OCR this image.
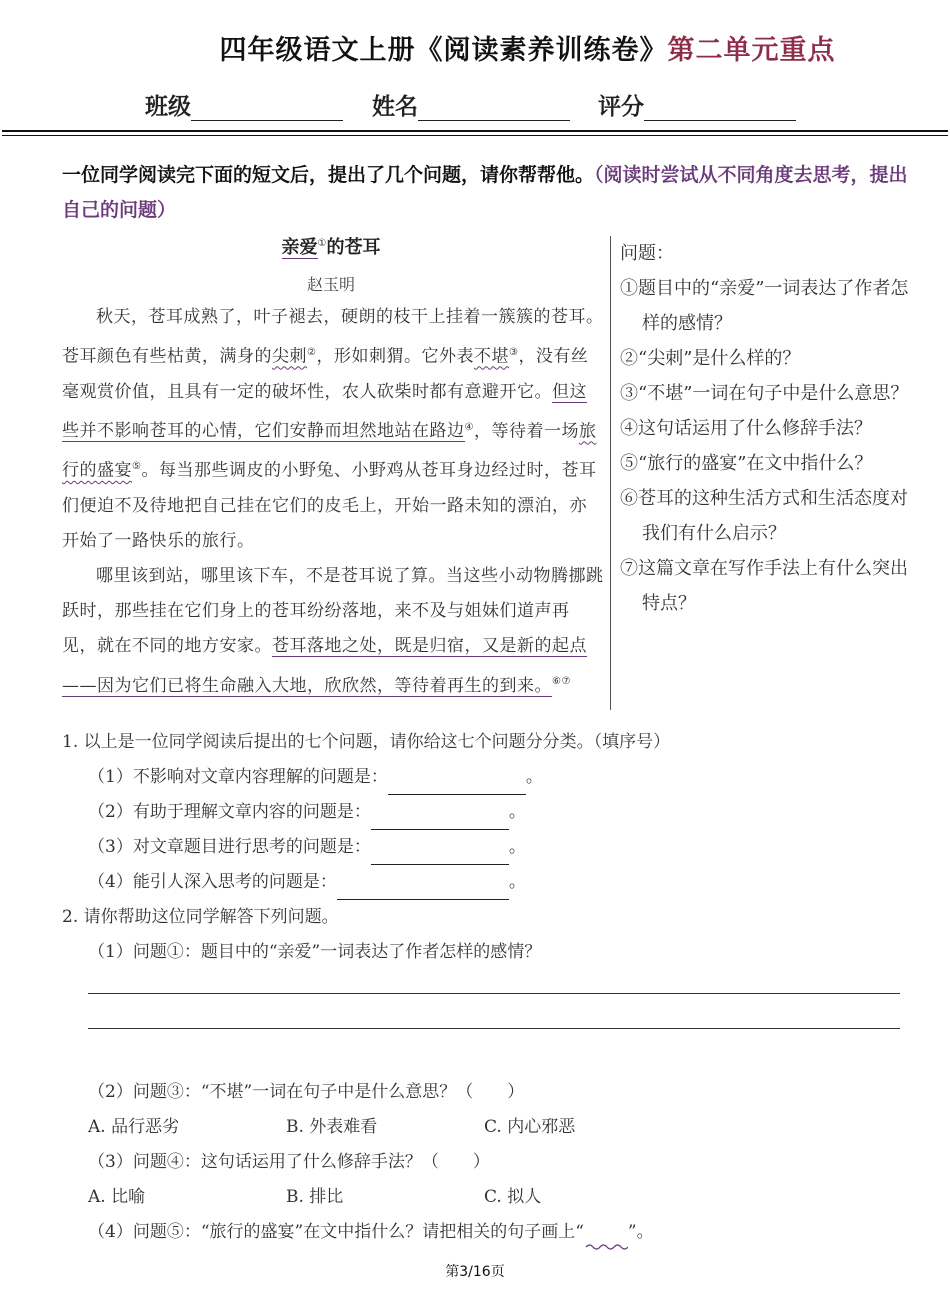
四年级语文上册《阅读素养训练卷》第二单元重点
班级	姓名	评分
一位同学阅读完下面的短文后，提出了几个问题，请你帮帮他。（阅读时尝试从不同角度去思考，提出自己的问题）
亲爱①的苍耳
赵玉明

秋天，苍耳成熟了，叶子褪去，硬朗的枝干上挂着一簇簇的苍耳。苍耳颜色有些枯黄，满身的尖刺②，形如刺猬。它外表不堪③，没有丝毫观赏价值，且具有一定的破坏性，农人砍柴时都有意避开它。但这些并不影响苍耳的心情，它们安静而坦然地站在路边④，等待着一场旅行的盛宴⑤。每当那些调皮的小野兔、小野鸡从苍耳身边经过时，苍耳们便迫不及待地把自己挂在它们的皮毛上，开始一路未知的漂泊，亦开始了一路快乐的旅行。

哪里该到站，哪里该下车，不是苍耳说了算。当这些小动物腾挪跳跃时，那些挂在它们身上的苍耳纷纷落地，来不及与姐妹们道声再见，就在不同的地方安家。苍耳落地之处，既是归宿，又是新的起点——因为它们已将生命融入大地，欣欣然，等待着再生的到来。⑥⑦

问题：
①题目中的“亲爱”一词表达了作者怎样的感情？
②“尖刺”是什么样的？
③“不堪”一词在句子中是什么意思？
④这句话运用了什么修辞手法？
⑤“旅行的盛宴”在文中指什么？
⑥苍耳的这种生活方式和生活态度对我们有什么启示？
⑦这篇文章在写作手法上有什么突出特点？
1. 以上是一位同学阅读后提出的七个问题，请你给这七个问题分分类。（填序号）
（1）不影响对文章内容理解的问题是：	。
（2）有助于理解文章内容的问题是：	。
（3）对文章题目进行思考的问题是：	。
（4）能引人深入思考的问题是：	。
2. 请你帮助这位同学解答下列问题。
（1）问题①：题目中的“亲爱”一词表达了作者怎样的感情？
（2）问题③：“不堪”一词在句子中是什么意思？（　　）
A. 品行恶劣	B. 外表难看	C. 内心邪恶
（3）问题④：这句话运用了什么修辞手法？（　　）
A. 比喻	B. 排比	C. 拟人
（4）问题⑤：“旅行的盛宴”在文中指什么？请把相关的句子画上“	”。
第3/16页
